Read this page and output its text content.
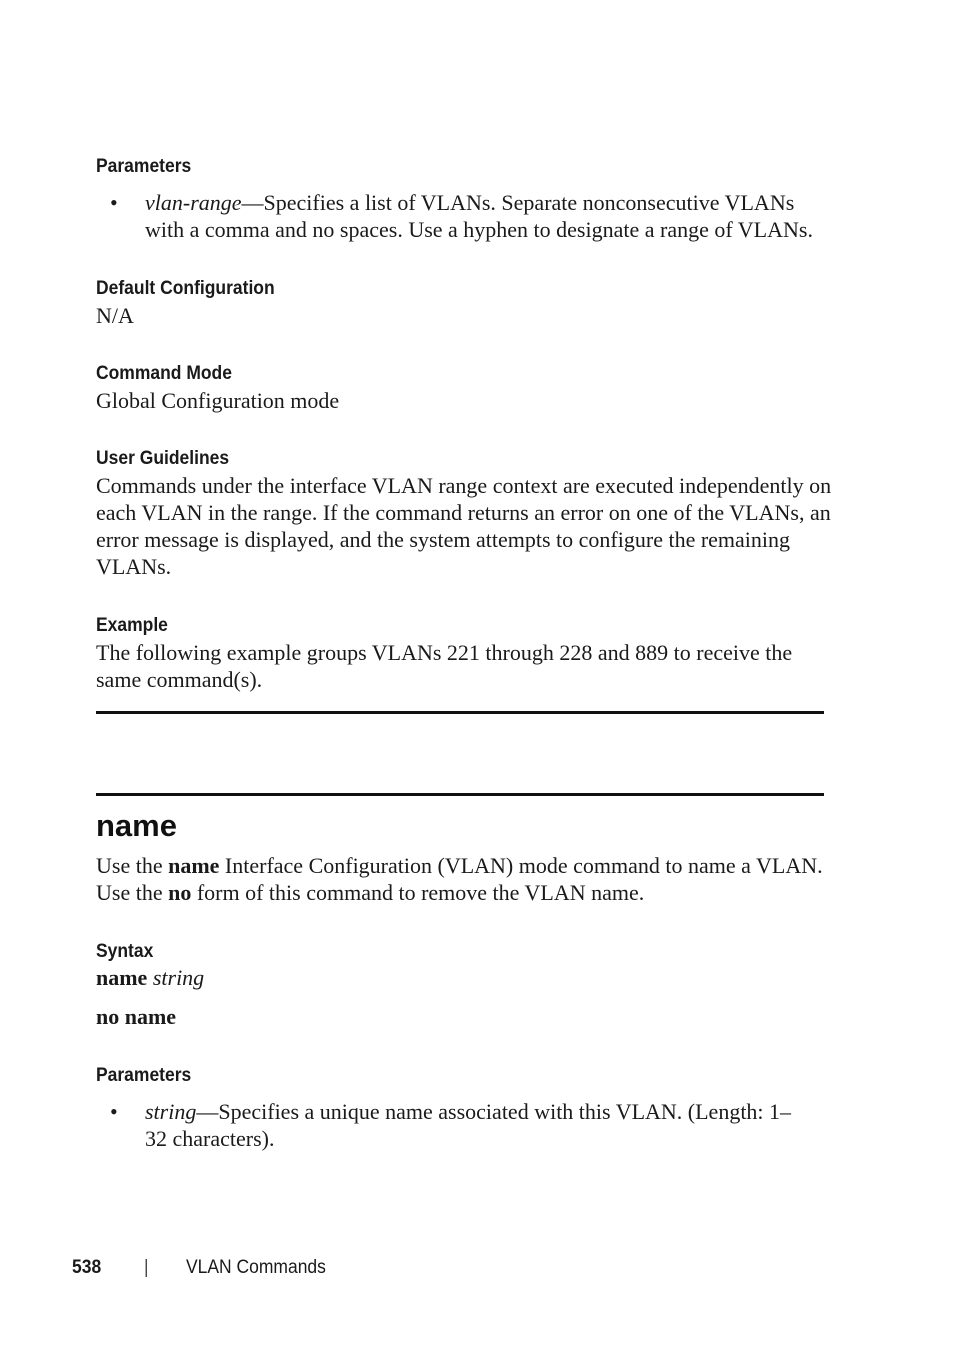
Parameters
• vlan-range—Specifies a list of VLANs. Separate nonconsecutive VLANs with a comma and no spaces. Use a hyphen to designate a range of VLANs.
Default Configuration
N/A
Command Mode
Global Configuration mode
User Guidelines
Commands under the interface VLAN range context are executed independently on each VLAN in the range. If the command returns an error on one of the VLANs, an error message is displayed, and the system attempts to configure the remaining VLANs.
Example
The following example groups VLANs 221 through 228 and 889 to receive the same command(s).
name
Use the name Interface Configuration (VLAN) mode command to name a VLAN. Use the no form of this command to remove the VLAN name.
Syntax
name string
no name
Parameters
• string—Specifies a unique name associated with this VLAN. (Length: 1–32 characters).
538 | VLAN Commands
